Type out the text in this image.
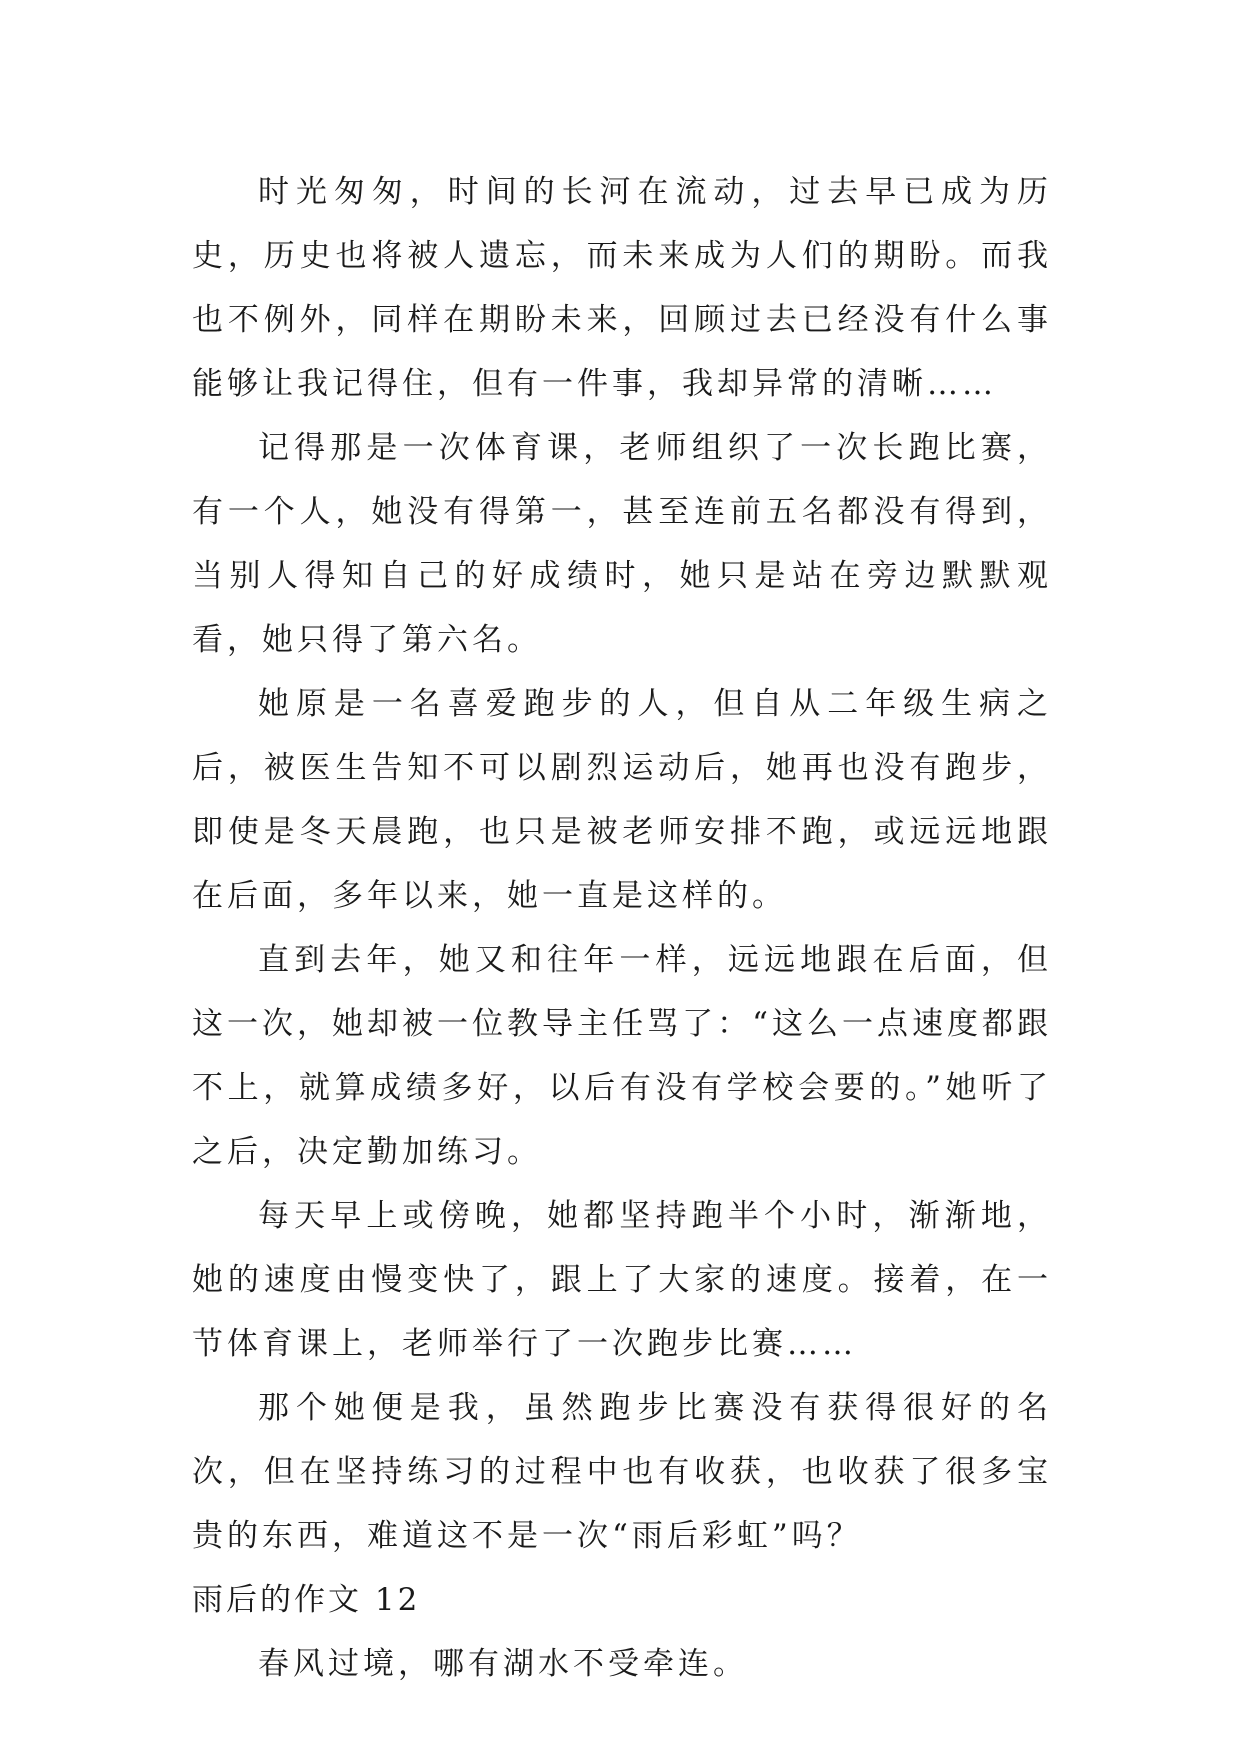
时光匆匆，时间的长河在流动，过去早已成为历史，历史也将被人遗忘，而未来成为人们的期盼。而我也不例外，同样在期盼未来，回顾过去已经没有什么事能够让我记得住，但有一件事，我却异常的清晰……

记得那是一次体育课，老师组织了一次长跑比赛，有一个人，她没有得第一，甚至连前五名都没有得到，当别人得知自己的好成绩时，她只是站在旁边默默观看，她只得了第六名。

她原是一名喜爱跑步的人，但自从二年级生病之后，被医生告知不可以剧烈运动后，她再也没有跑步，即使是冬天晨跑，也只是被老师安排不跑，或远远地跟在后面，多年以来，她一直是这样的。

直到去年，她又和往年一样，远远地跟在后面，但这一次，她却被一位教导主任骂了：“这么一点速度都跟不上，就算成绩多好，以后有没有学校会要的。”她听了之后，决定勤加练习。

每天早上或傍晚，她都坚持跑半个小时，渐渐地，她的速度由慢变快了，跟上了大家的速度。接着，在一节体育课上，老师举行了一次跑步比赛……

那个她便是我，虽然跑步比赛没有获得很好的名次，但在坚持练习的过程中也有收获，也收获了很多宝贵的东西，难道这不是一次“雨后彩虹”吗？

雨后的作文 12

春风过境，哪有湖水不受牵连。
